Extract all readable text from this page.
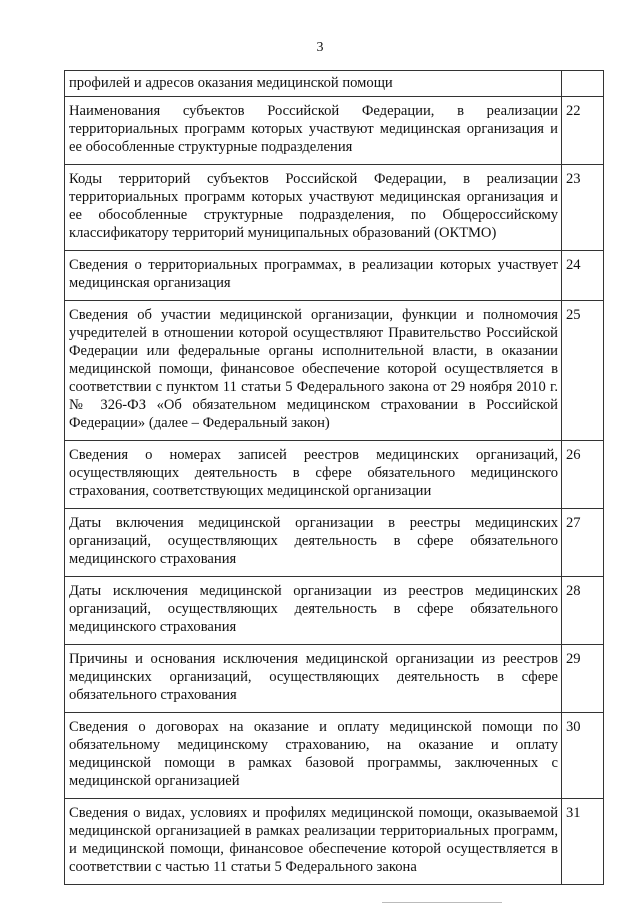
3
профилей и адресов оказания медицинской помощи	
Наименования субъектов Российской Федерации, в реализации территориальных программ которых участвуют медицинская организация и ее обособленные структурные подразделения	22
Коды территорий субъектов Российской Федерации, в реализации территориальных программ которых участвуют медицинская организация и ее обособленные структурные подразделения, по Общероссийскому классификатору территорий муниципальных образований (ОКТМО)	23
Сведения о территориальных программах, в реализации которых участвует медицинская организация	24
Сведения об участии медицинской организации, функции и полномочия учредителей в отношении которой осуществляют Правительство Российской Федерации или федеральные органы исполнительной власти, в оказании медицинской помощи, финансовое обеспечение которой осуществляется в соответствии с пунктом 11 статьи 5 Федерального закона от 29 ноября 2010 г. № 326-ФЗ «Об обязательном медицинском страховании в Российской Федерации» (далее – Федеральный закон)	25
Сведения о номерах записей реестров медицинских организаций, осуществляющих деятельность в сфере обязательного медицинского страхования, соответствующих медицинской организации	26
Даты включения медицинской организации в реестры медицинских организаций, осуществляющих деятельность в сфере обязательного медицинского страхования	27
Даты исключения медицинской организации из реестров медицинских организаций, осуществляющих деятельность в сфере обязательного медицинского страхования	28
Причины и основания исключения медицинской организации из реестров медицинских организаций, осуществляющих деятельность в сфере обязательного страхования	29
Сведения о договорах на оказание и оплату медицинской помощи по обязательному медицинскому страхованию, на оказание и оплату медицинской помощи в рамках базовой программы, заключенных с медицинской организацией	30
Сведения о видах, условиях и профилях медицинской помощи, оказываемой медицинской организацией в рамках реализации территориальных программ, и медицинской помощи, финансовое обеспечение которой осуществляется в соответствии с частью 11 статьи 5 Федерального закона	31
